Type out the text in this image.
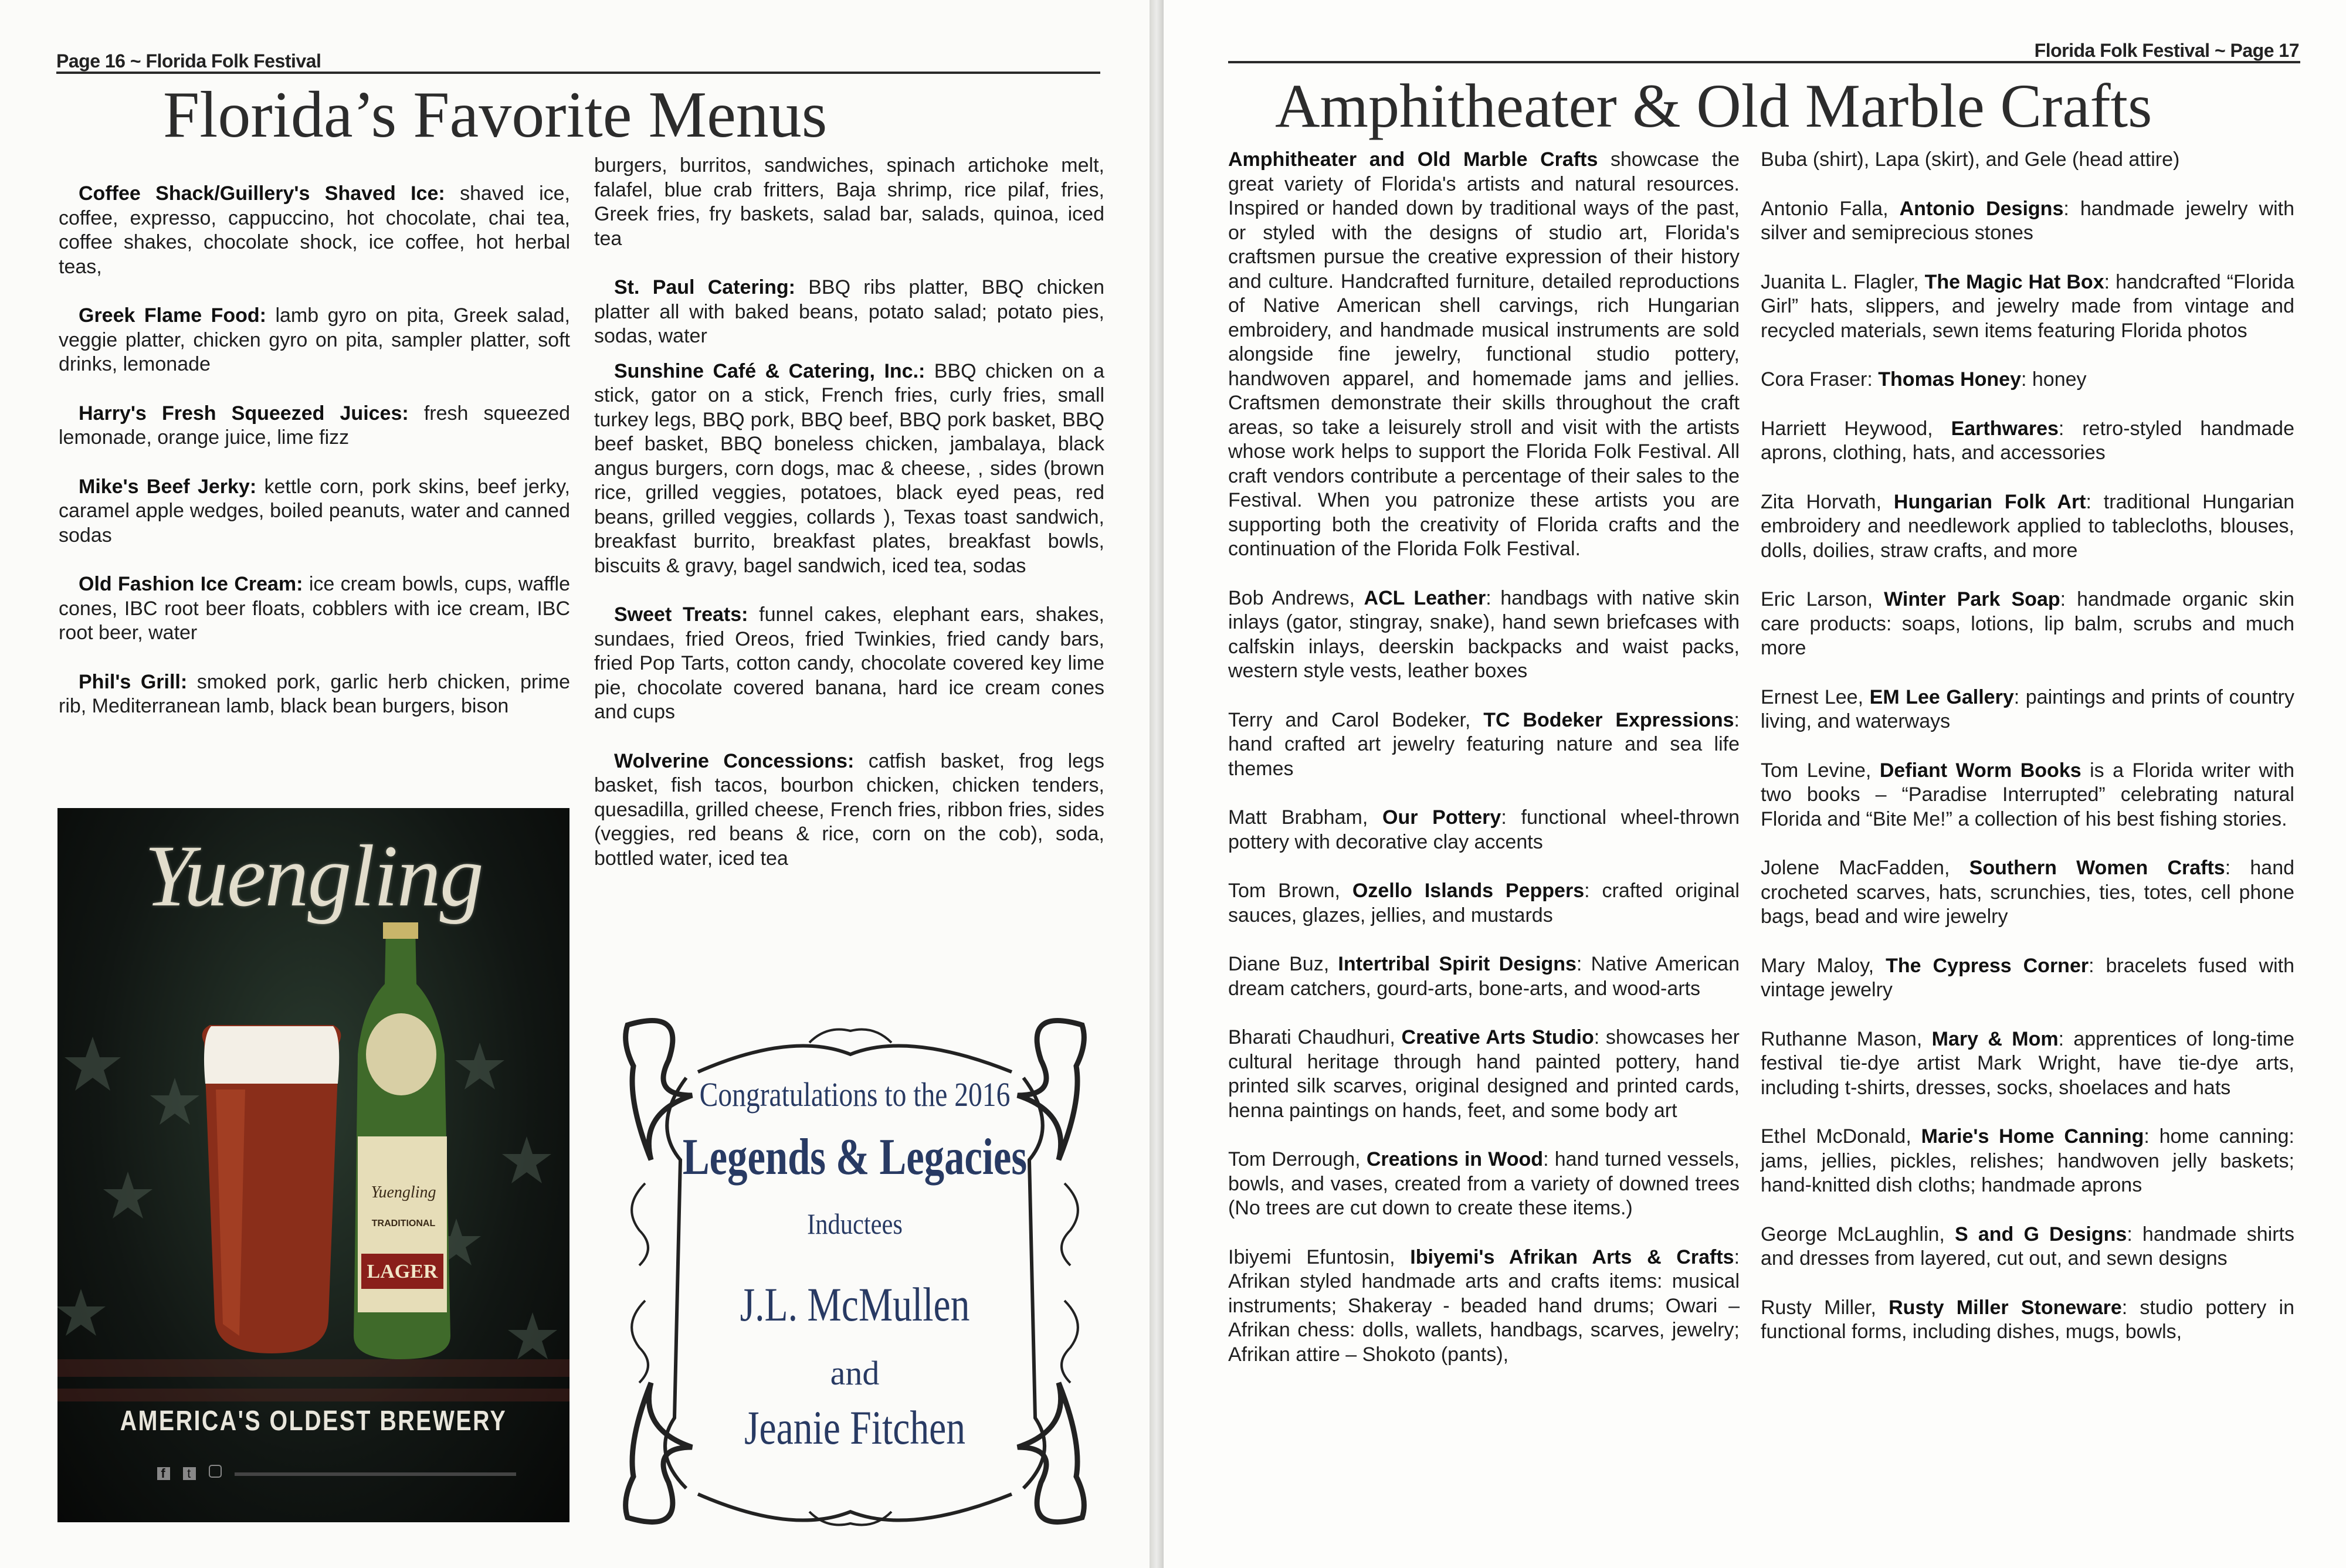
Page 16 ~ Florida Folk Festival
Florida’s Favorite Menus

Coffee Shack/Guillery's Shaved Ice: shaved ice, coffee, expresso, cappuccino, hot chocolate, chai tea, coffee shakes, chocolate shock, ice coffee, hot herbal teas,

Greek Flame Food: lamb gyro on pita, Greek salad, veggie platter, chicken gyro on pita, sampler platter, soft drinks, lemonade

Harry's Fresh Squeezed Juices: fresh squeezed lemonade, orange juice, lime fizz

Mike's Beef Jerky: kettle corn, pork skins, beef jerky, caramel apple wedges, boiled peanuts, water and canned sodas

Old Fashion Ice Cream: ice cream bowls, cups, waffle cones, IBC root beer floats, cobblers with ice cream, IBC root beer, water

Phil's Grill: smoked pork, garlic herb chicken, prime rib, Mediterranean lamb, black bean burgers, bison

burgers, burritos, sandwiches, spinach artichoke melt, falafel, blue crab fritters, Baja shrimp, rice pilaf, fries, Greek fries, fry baskets, salad bar, salads, quinoa, iced tea

St. Paul Catering: BBQ ribs platter, BBQ chicken platter all with baked beans, potato salad; potato pies, sodas, water

Sunshine Café & Catering, Inc.: BBQ chicken on a stick, gator on a stick, French fries, curly fries, small turkey legs, BBQ pork, BBQ beef, BBQ pork basket, BBQ beef basket, BBQ boneless chicken, jambalaya, black angus burgers, corn dogs, mac & cheese, , sides (brown rice, grilled veggies, potatoes, black eyed peas, red beans, grilled veggies, collards ), Texas toast sandwich, breakfast burrito, breakfast plates, breakfast bowls, biscuits & gravy, bagel sandwich, iced tea, sodas

Sweet Treats: funnel cakes, elephant ears, shakes, sundaes, fried Oreos, fried Twinkies, fried candy bars, fried Pop Tarts, cotton candy, chocolate covered key lime pie, chocolate covered banana, hard ice cream cones and cups

Wolverine Concessions: catfish basket, frog legs basket, fish tacos, bourbon chicken, chicken tenders, quesadilla, grilled cheese, French fries, ribbon fries, sides (veggies, red beans & rice, corn on the cob), soda, bottled water, iced tea

Yuengling
Yuengling
TRADITIONAL
LAGER
AMERICA'S OLDEST BREWERY
f t
Congratulations to the 2016
Legends & Legacies
Inductees
J.L. McMullen
and
Jeanie Fitchen
Florida Folk Festival ~ Page 17
Amphitheater & Old Marble Crafts

Amphitheater and Old Marble Crafts showcase the great variety of Florida's artists and natural resources. Inspired or handed down by traditional ways of the past, or styled with the designs of studio art, Florida's craftsmen pursue the creative expression of their history and culture. Handcrafted furniture, detailed reproductions of Native American shell carvings, rich Hungarian embroidery, and handmade musical instruments are sold alongside fine jewelry, functional studio pottery, handwoven apparel, and homemade jams and jellies. Craftsmen demonstrate their skills throughout the craft areas, so take a leisurely stroll and visit with the artists whose work helps to support the Florida Folk Festival. All craft vendors contribute a percentage of their sales to the Festival. When you patronize these artists you are supporting both the creativity of Florida crafts and the continuation of the Florida Folk Festival.

Bob Andrews, ACL Leather: handbags with native skin inlays (gator, stingray, snake), hand sewn briefcases with calfskin inlays, deerskin backpacks and waist packs, western style vests, leather boxes

Terry and Carol Bodeker, TC Bodeker Expressions: hand crafted art jewelry featuring nature and sea life themes

Matt Brabham, Our Pottery: functional wheel-thrown pottery with decorative clay accents

Tom Brown, Ozello Islands Peppers: crafted original sauces, glazes, jellies, and mustards

Diane Buz, Intertribal Spirit Designs: Native American dream catchers, gourd-arts, bone-arts, and wood-arts

Bharati Chaudhuri, Creative Arts Studio: showcases her cultural heritage through hand painted pottery, hand printed silk scarves, original designed and printed cards, henna paintings on hands, feet, and some body art

Tom Derrough, Creations in Wood: hand turned vessels, bowls, and vases, created from a variety of downed trees (No trees are cut down to create these items.)

Ibiyemi Efuntosin, Ibiyemi's Afrikan Arts & Crafts: Afrikan styled handmade arts and crafts items: musical instruments; Shakeray - beaded hand drums; Owari – Afrikan chess: dolls, wallets, handbags, scarves, jewelry; Afrikan attire – Shokoto (pants),

Buba (shirt), Lapa (skirt), and Gele (head attire)

Antonio Falla, Antonio Designs: handmade jewelry with silver and semiprecious stones

Juanita L. Flagler, The Magic Hat Box: handcrafted “Florida Girl” hats, slippers, and jewelry made from vintage and recycled materials, sewn items featuring Florida photos

Cora Fraser: Thomas Honey: honey

Harriett Heywood, Earthwares: retro-styled handmade aprons, clothing, hats, and accessories

Zita Horvath, Hungarian Folk Art: traditional Hungarian embroidery and needlework applied to tablecloths, blouses, dolls, doilies, straw crafts, and more

Eric Larson, Winter Park Soap: handmade organic skin care products: soaps, lotions, lip balm, scrubs and much more

Ernest Lee, EM Lee Gallery: paintings and prints of country living, and waterways

Tom Levine, Defiant Worm Books is a Florida writer with two books – “Paradise Interrupted” celebrating natural Florida and “Bite Me!” a collection of his best fishing stories.

Jolene MacFadden, Southern Women Crafts: hand crocheted scarves, hats, scrunchies, ties, totes, cell phone bags, bead and wire jewelry

Mary Maloy, The Cypress Corner: bracelets fused with vintage jewelry

Ruthanne Mason, Mary & Mom: apprentices of long-time festival tie-dye artist Mark Wright, have tie-dye arts, including t-shirts, dresses, socks, shoelaces and hats

Ethel McDonald, Marie's Home Canning: home canning: jams, jellies, pickles, relishes; handwoven jelly baskets; hand-knitted dish cloths; handmade aprons

George McLaughlin, S and G Designs: handmade shirts and dresses from layered, cut out, and sewn designs

Rusty Miller, Rusty Miller Stoneware: studio pottery in functional forms, including dishes, mugs, bowls,
